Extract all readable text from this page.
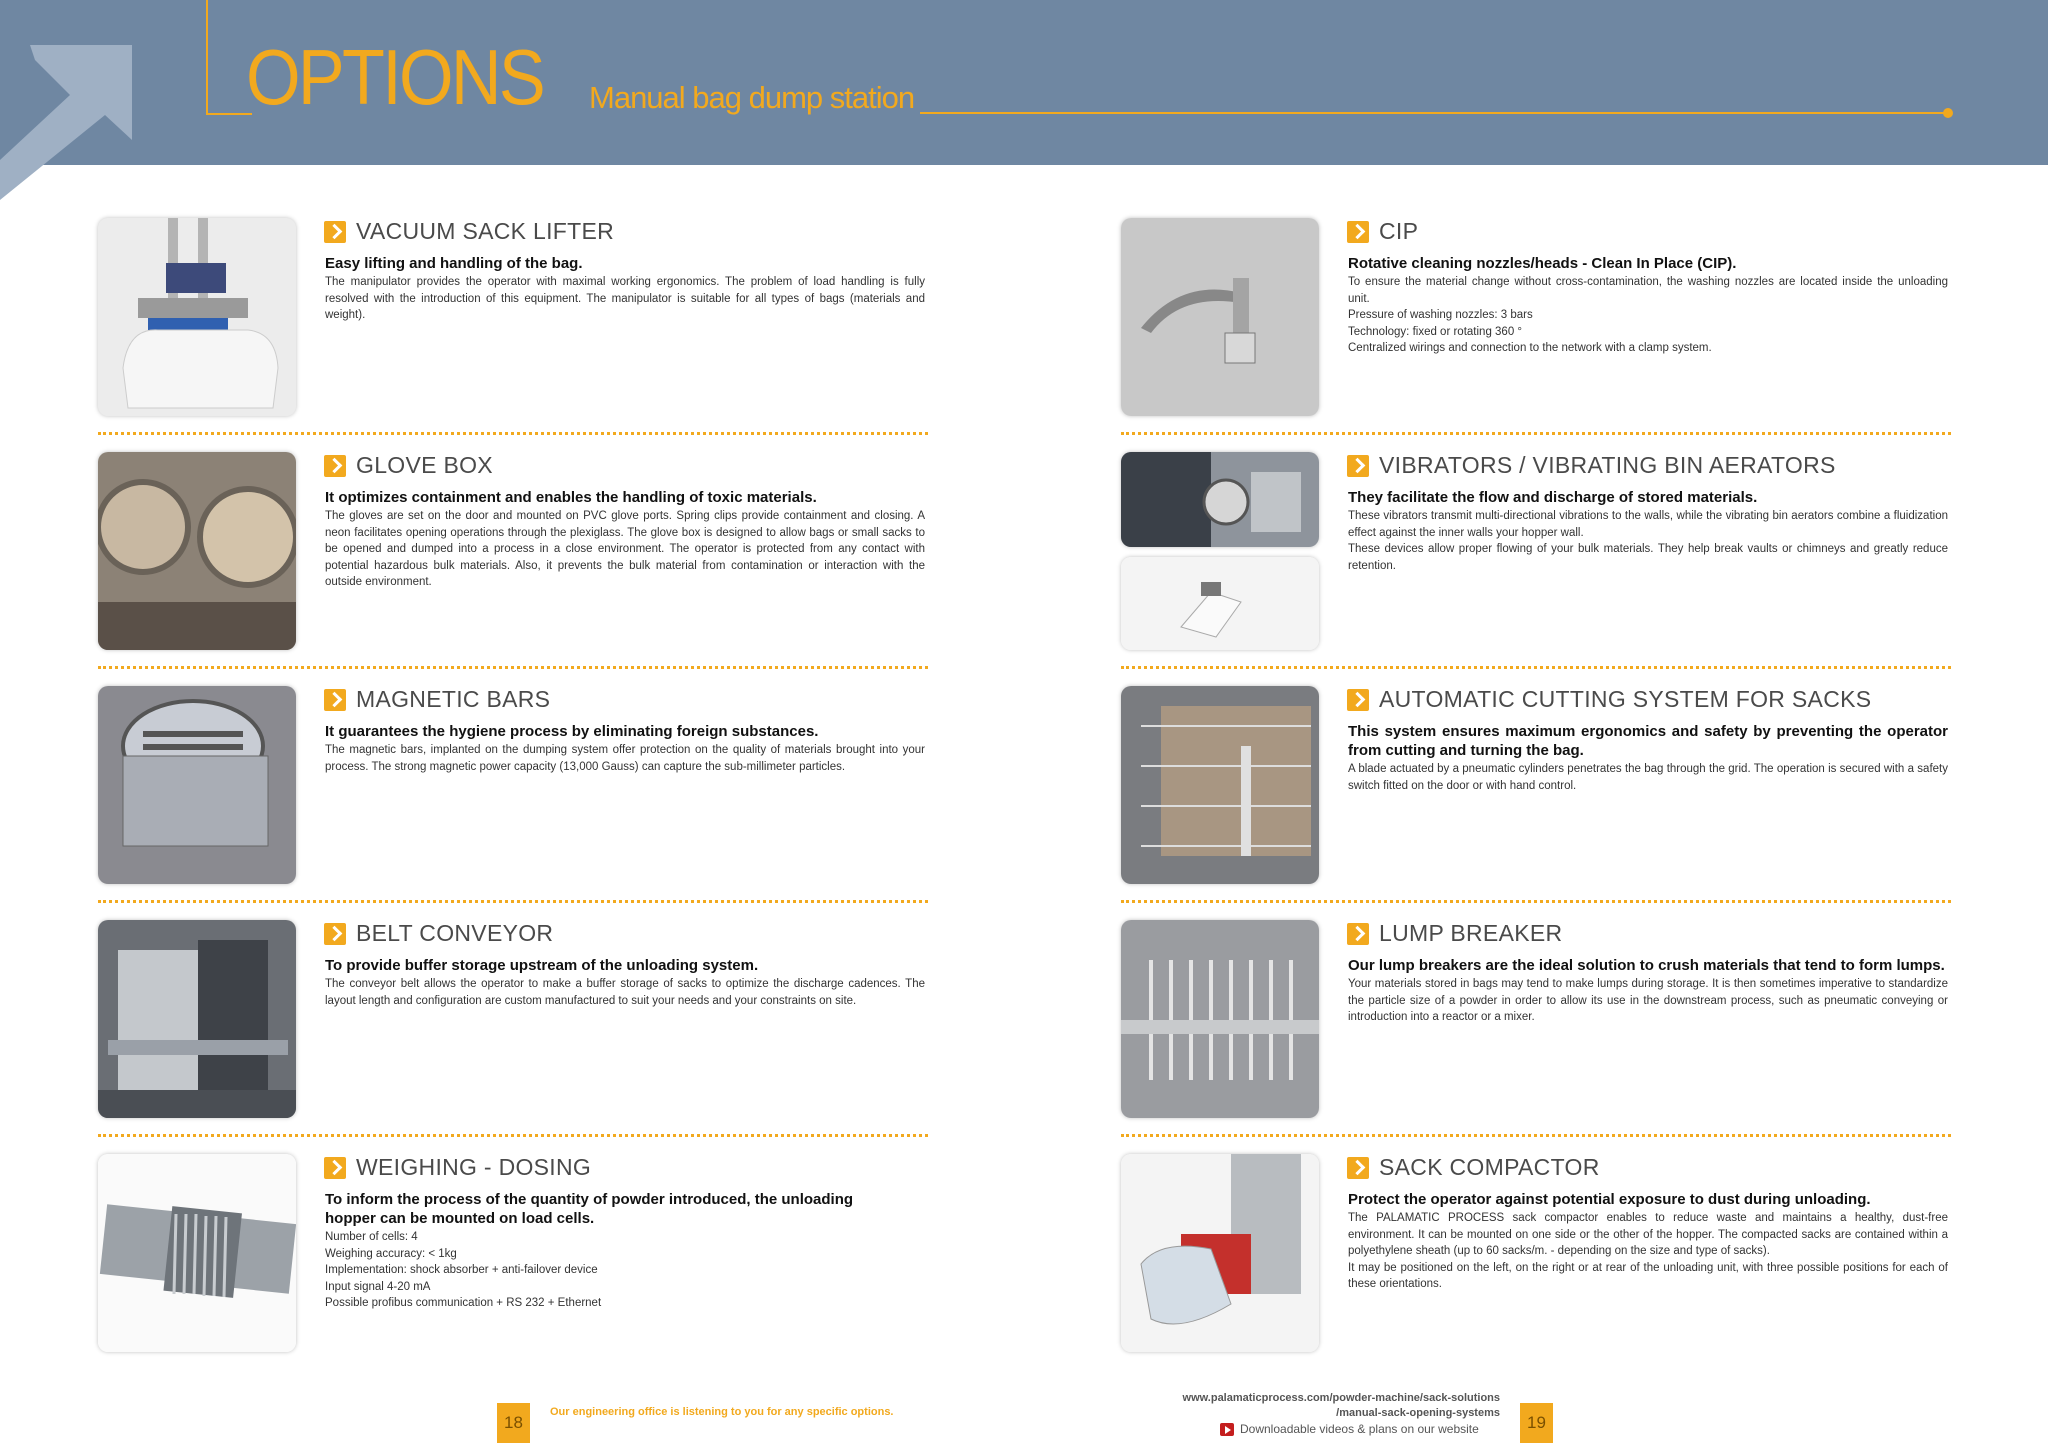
OPTIONS Manual bag dump station
VACUUM SACK LIFTER
Easy lifting and handling of the bag.
The manipulator provides the operator with maximal working ergonomics. The problem of load handling is fully resolved with the introduction of this equipment. The manipulator is suitable for all types of bags (materials and weight).
GLOVE BOX
It optimizes containment and enables the handling of toxic materials.
The gloves are set on the door and mounted on PVC glove ports. Spring clips provide containment and closing. A neon facilitates opening operations through the plexiglass. The glove box is designed to allow bags or small sacks to be opened and dumped into a process in a close environment. The operator is protected from any contact with potential hazardous bulk materials. Also, it prevents the bulk material from contamination or interaction with the outside environment.
MAGNETIC BARS
It guarantees the hygiene process by eliminating foreign substances.
The magnetic bars, implanted on the dumping system offer protection on the quality of materials brought into your process. The strong magnetic power capacity (13,000 Gauss) can capture the sub-millimeter particles.
BELT CONVEYOR
To provide buffer storage upstream of the unloading system.
The conveyor belt allows the operator to make a buffer storage of sacks to optimize the discharge cadences. The layout length and configuration are custom manufactured to suit your needs and your constraints on site.
WEIGHING - DOSING
To inform the process of the quantity of powder introduced, the unloading hopper can be mounted on load cells.
Number of cells: 4
Weighing accuracy: < 1kg
Implementation: shock absorber + anti-failover device
Input signal 4-20 mA
Possible profibus communication + RS 232 + Ethernet
CIP
Rotative cleaning nozzles/heads - Clean In Place (CIP).
To ensure the material change without cross-contamination, the washing nozzles are located inside the unloading unit.
Pressure of washing nozzles: 3 bars
Technology: fixed or rotating 360 °
Centralized wirings and connection to the network with a clamp system.
VIBRATORS / VIBRATING BIN AERATORS
They facilitate the flow and discharge of stored materials.
These vibrators transmit multi-directional vibrations to the walls, while the vibrating bin aerators combine a fluidization effect against the inner walls your hopper wall.
These devices allow proper flowing of your bulk materials. They help break vaults or chimneys and greatly reduce retention.
AUTOMATIC CUTTING SYSTEM FOR SACKS
This system ensures maximum ergonomics and safety by preventing the operator from cutting and turning the bag.
A blade actuated by a pneumatic cylinders penetrates the bag through the grid. The operation is secured with a safety switch fitted on the door or with hand control.
LUMP BREAKER
Our lump breakers are the ideal solution to crush materials that tend to form lumps.
Your materials stored in bags may tend to make lumps during storage. It is then sometimes imperative to standardize the particle size of a powder in order to allow its use in the downstream process, such as pneumatic conveying or introduction into a reactor or a mixer.
SACK COMPACTOR
Protect the operator against potential exposure to dust during unloading.
The PALAMATIC PROCESS sack compactor enables to reduce waste and maintains a healthy, dust-free environment. It can be mounted on one side or the other of the hopper. The compacted sacks are contained within a polyethylene sheath (up to 60 sacks/m. - depending on the size and type of sacks).
It may be positioned on the left, on the right or at rear of the unloading unit, with three possible positions for each of these orientations.
18
Our engineering office is listening to you for any specific options.
www.palamaticprocess.com/powder-machine/sack-solutions
/manual-sack-opening-systems
Downloadable videos & plans on our website	19
